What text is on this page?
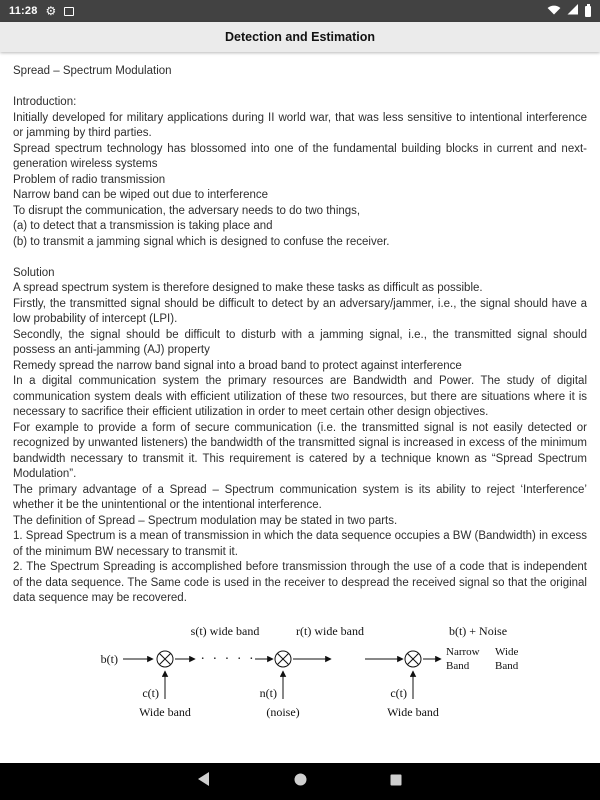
11:28 ⚙
Detection and Estimation

Spread – Spectrum Modulation

Introduction:

Initially developed for military applications during II world war, that was less sensitive to intentional interference or jamming by third parties.

Spread spectrum technology has blossomed into one of the fundamental building blocks in current and next-generation wireless systems

Problem of radio transmission

Narrow band can be wiped out due to interference

To disrupt the communication, the adversary needs to do two things,

(a) to detect that a transmission is taking place and

(b) to transmit a jamming signal which is designed to confuse the receiver.

Solution

A spread spectrum system is therefore designed to make these tasks as difficult as possible.

Firstly, the transmitted signal should be difficult to detect by an adversary/jammer, i.e., the signal should have a low probability of intercept (LPI).

Secondly, the signal should be difficult to disturb with a jamming signal, i.e., the transmitted signal should possess an anti-jamming (AJ) property

Remedy spread the narrow band signal into a broad band to protect against interference

In a digital communication system the primary resources are Bandwidth and Power. The study of digital communication system deals with efficient utilization of these two resources, but there are situations where it is necessary to sacrifice their efficient utilization in order to meet certain other design objectives.

For example to provide a form of secure communication (i.e. the transmitted signal is not easily detected or recognized by unwanted listeners) the bandwidth of the transmitted signal is increased in excess of the minimum bandwidth necessary to transmit it. This requirement is catered by a technique known as “Spread Spectrum Modulation”.

The primary advantage of a Spread – Spectrum communication system is its ability to reject ‘Interference’ whether it be the unintentional or the intentional interference.

The definition of Spread – Spectrum modulation may be stated in two parts.

1. Spread Spectrum is a mean of transmission in which the data sequence occupies a BW (Bandwidth) in excess of the minimum BW necessary to transmit it.

2. The Spectrum Spreading is accomplished before transmission through the use of a code that is independent of the data sequence. The Same code is used in the receiver to despread the received signal so that the original data sequence may be recovered.

s(t) wide band	r(t) wide band	b(t) + Noise
b(t)	· · · · ·	Narrow
Band
Wide
Band
c(t)	n(t)	c(t)
Wide band	(noise)	Wide band
